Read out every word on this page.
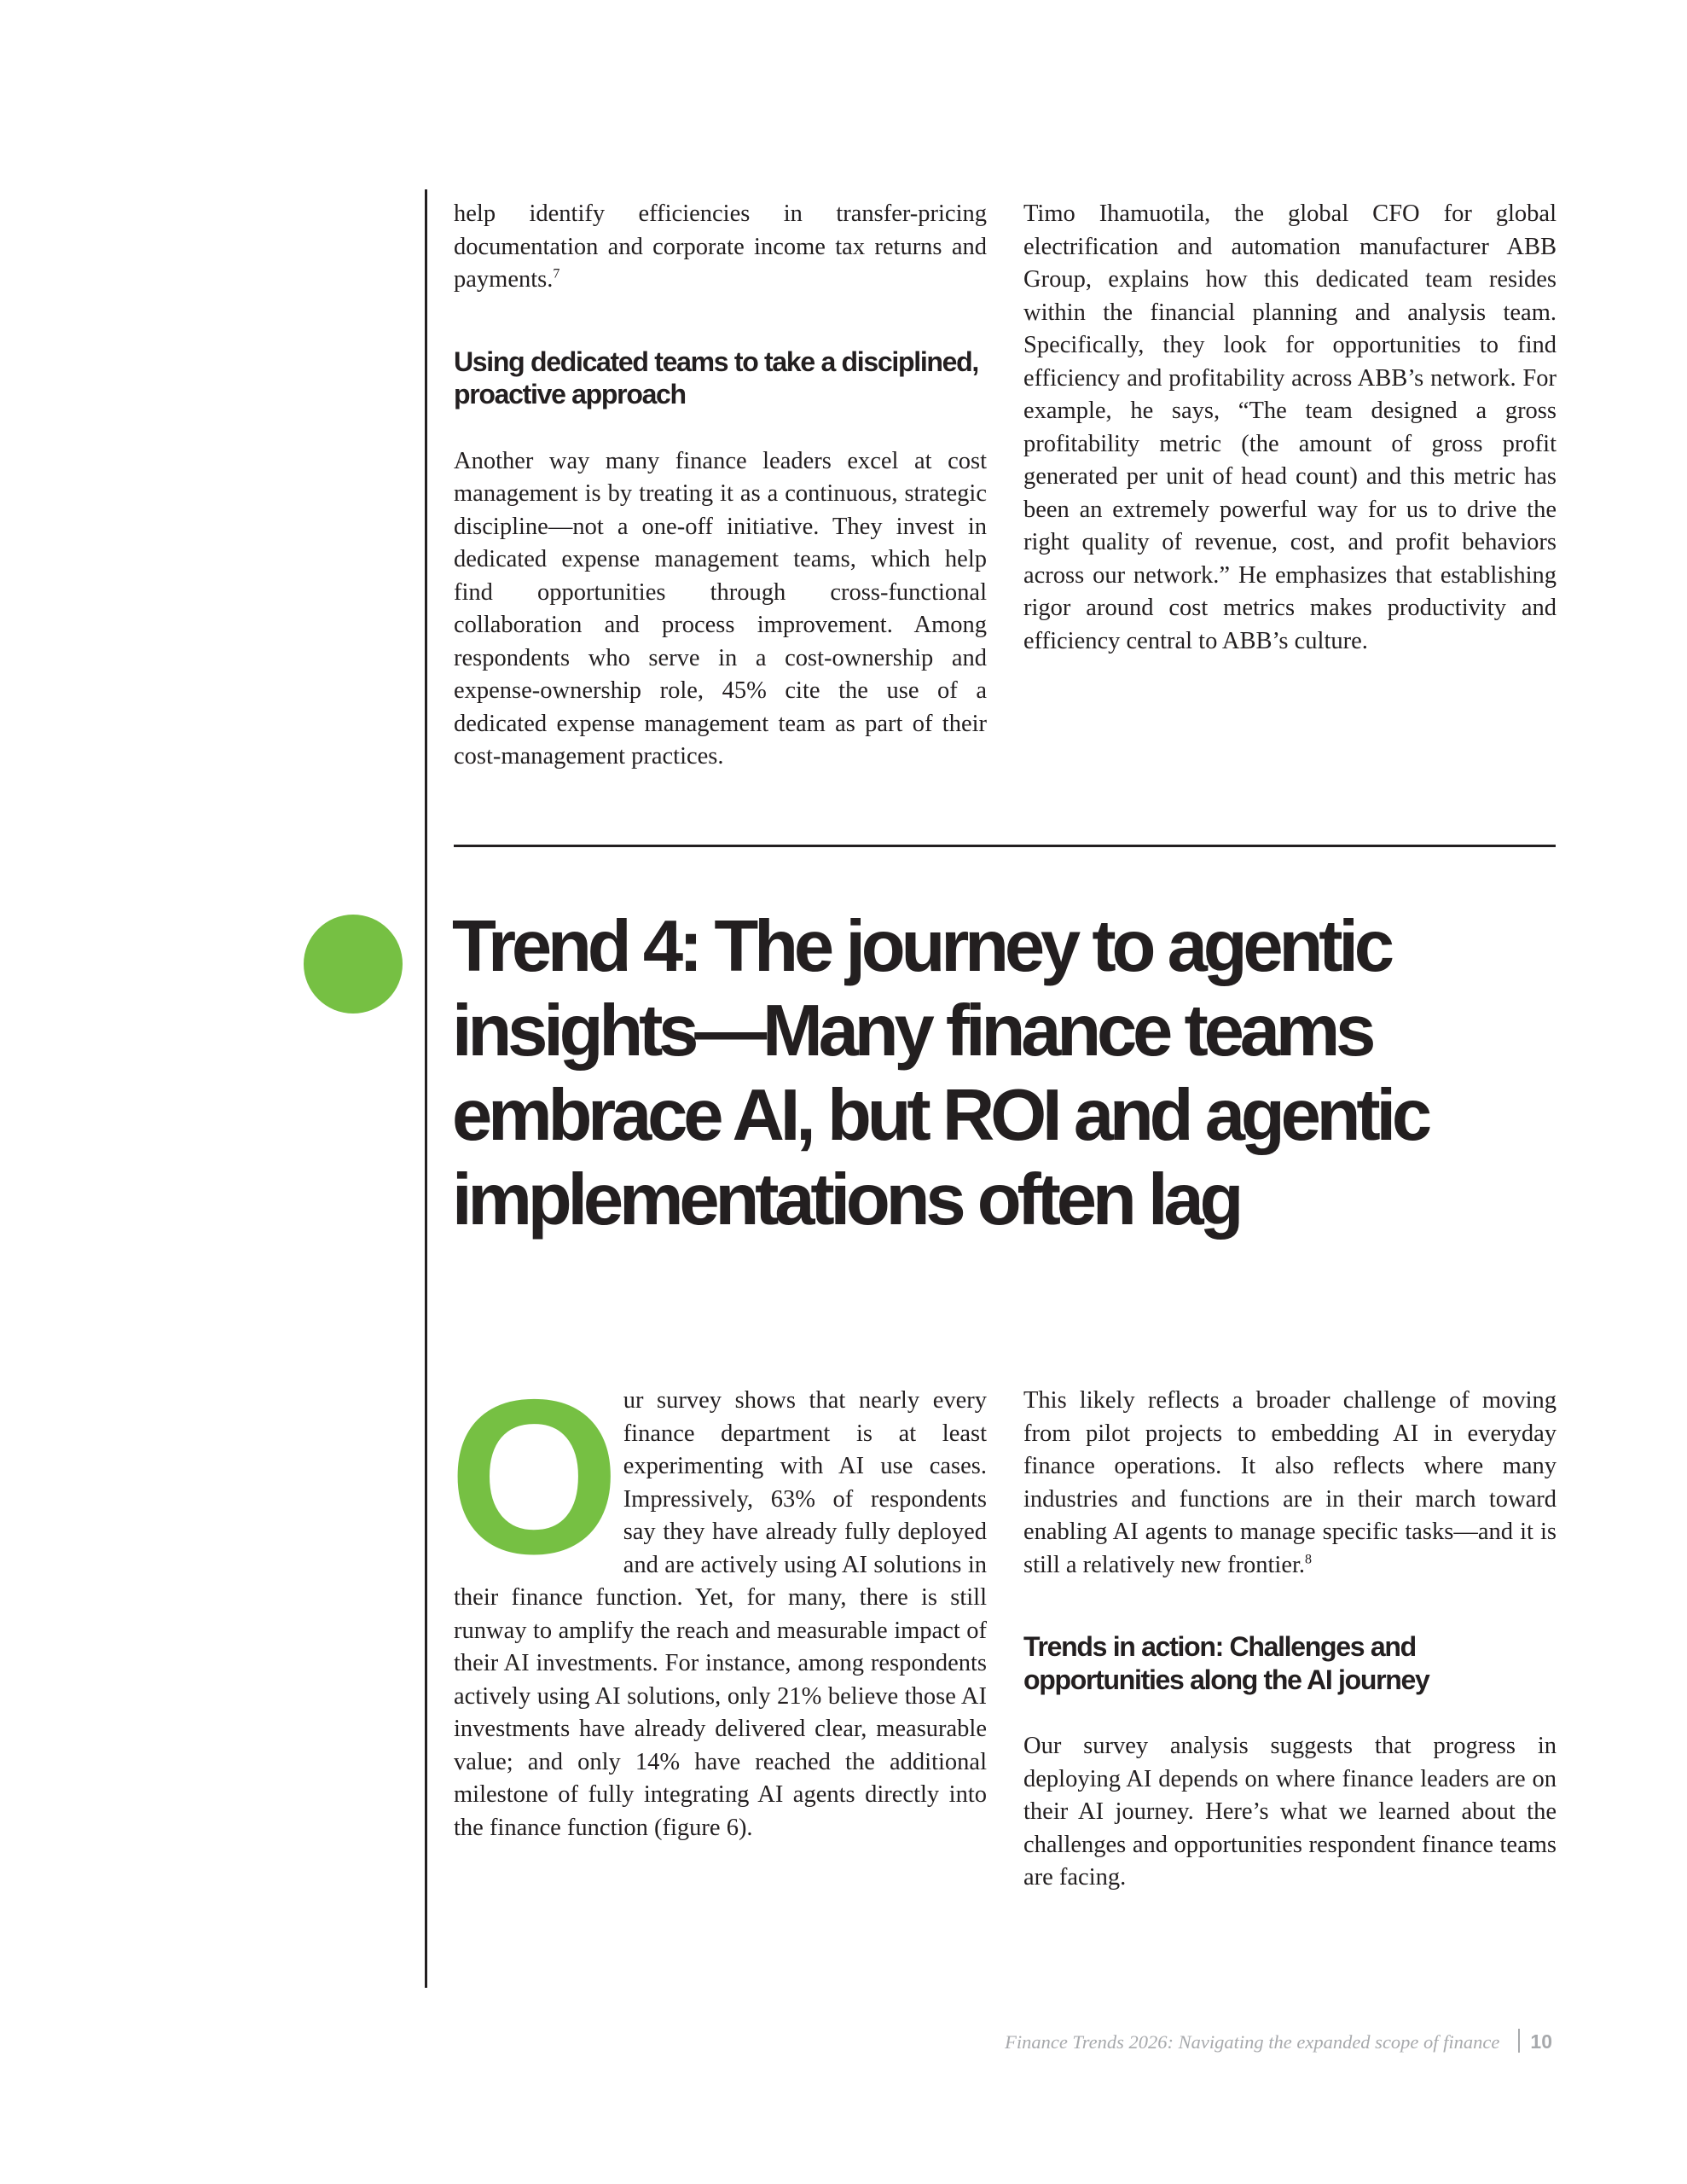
help identify efficiencies in transfer-pricing documentation and corporate income tax returns and payments.$^7$

Using dedicated teams to take a disciplined, proactive approach

Another way many finance leaders excel at cost management is by treating it as a continuous, strategic discipline—not a one-off initiative. They invest in dedicated expense management teams, which help find opportunities through cross-functional collaboration and process improvement. Among respondents who serve in a cost-ownership and expense-ownership role, 45% cite the use of a dedicated expense management team as part of their cost-management practices.

Timo Ihamuotila, the global CFO for global electrification and automation manufacturer ABB Group, explains how this dedicated team resides within the financial planning and analysis team. Specifically, they look for opportunities to find efficiency and profitability across ABB’s network. For example, he says, “The team designed a gross profitability metric (the amount of gross profit generated per unit of head count) and this metric has been an extremely powerful way for us to drive the right quality of revenue, cost, and profit behaviors across our network.” He emphasizes that establishing rigor around cost metrics makes productivity and efficiency central to ABB’s culture.

Trend 4: The journey to agentic insights—Many finance teams embrace AI, but ROI and agentic implementations often lag

Our survey shows that nearly every finance department is at least experimenting with AI use cases. Impressively, 63% of respondents say they have already fully deployed and are actively using AI solutions in their finance function. Yet, for many, there is still runway to amplify the reach and measurable impact of their AI investments. For instance, among respondents actively using AI solutions, only 21% believe those AI investments have already delivered clear, measurable value; and only 14% have reached the additional milestone of fully integrating AI agents directly into the finance function (figure 6).

This likely reflects a broader challenge of moving from pilot projects to embedding AI in everyday finance operations. It also reflects where many industries and functions are in their march toward enabling AI agents to manage specific tasks—and it is still a relatively new frontier.$^8$

Trends in action: Challenges and opportunities along the AI journey

Our survey analysis suggests that progress in deploying AI depends on where finance leaders are on their AI journey. Here’s what we learned about the challenges and opportunities respondent finance teams are facing.

Finance Trends 2026: Navigating the expanded scope of finance 10
